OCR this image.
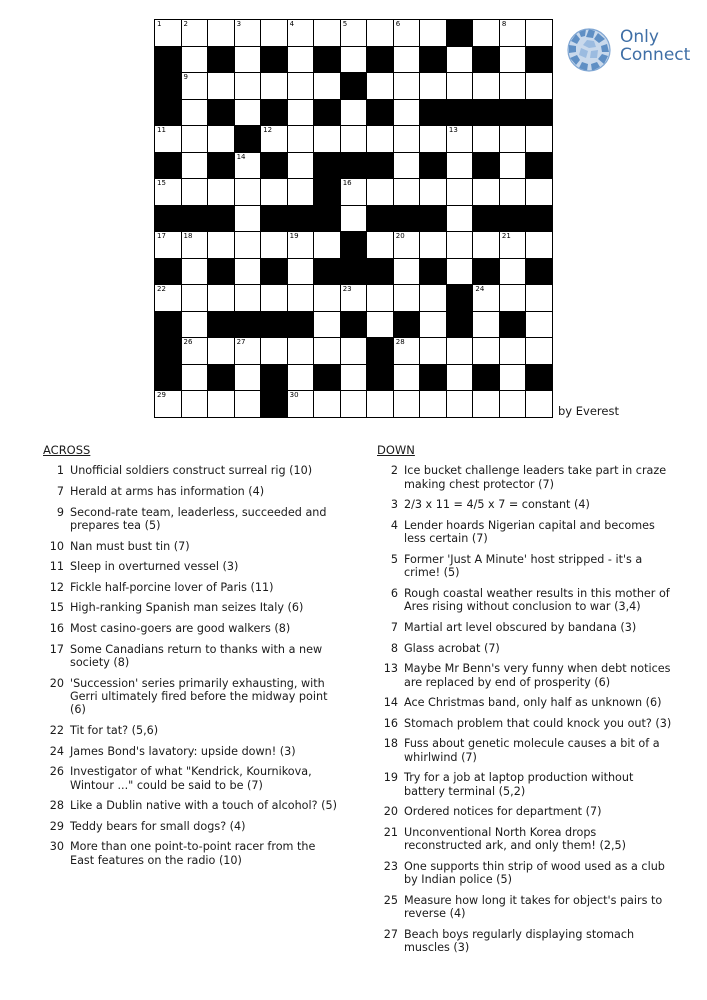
1	2	3	4	5	6	7	8
9	10
11	12	13
14
15	16
17	18	19	20	21
22	23	24
25
26	27	28
29	30
Only
Connect
by Everest
ACROSS
1 Unofficial soldiers construct surreal rig (10)
7 Herald at arms has information (4)
9 Second-rate team, leaderless, succeeded and prepares tea (5)
10 Nan must bust tin (7)
11 Sleep in overturned vessel (3)
12 Fickle half-porcine lover of Paris (11)
15 High-ranking Spanish man seizes Italy (6)
16 Most casino-goers are good walkers (8)
17 Some Canadians return to thanks with a new society (8)
20 'Succession' series primarily exhausting, with Gerri ultimately fired before the midway point (6)
22 Tit for tat? (5,6)
24 James Bond's lavatory: upside down! (3)
26 Investigator of what "Kendrick, Kournikova, Wintour ..." could be said to be (7)
28 Like a Dublin native with a touch of alcohol? (5)
29 Teddy bears for small dogs? (4)
30 More than one point-to-point racer from the East features on the radio (10)
DOWN
2 Ice bucket challenge leaders take part in craze making chest protector (7)
3 2/3 x 11 = 4/5 x 7 = constant (4)
4 Lender hoards Nigerian capital and becomes less certain (7)
5 Former 'Just A Minute' host stripped - it's a crime! (5)
6 Rough coastal weather results in this mother of Ares rising without conclusion to war (3,4)
7 Martial art level obscured by bandana (3)
8 Glass acrobat (7)
13 Maybe Mr Benn's very funny when debt notices are replaced by end of prosperity (6)
14 Ace Christmas band, only half as unknown (6)
16 Stomach problem that could knock you out? (3)
18 Fuss about genetic molecule causes a bit of a whirlwind (7)
19 Try for a job at laptop production without battery terminal (5,2)
20 Ordered notices for department (7)
21 Unconventional North Korea drops reconstructed ark, and only them! (2,5)
23 One supports thin strip of wood used as a club by Indian police (5)
25 Measure how long it takes for object's pairs to reverse (4)
27 Beach boys regularly displaying stomach muscles (3)
